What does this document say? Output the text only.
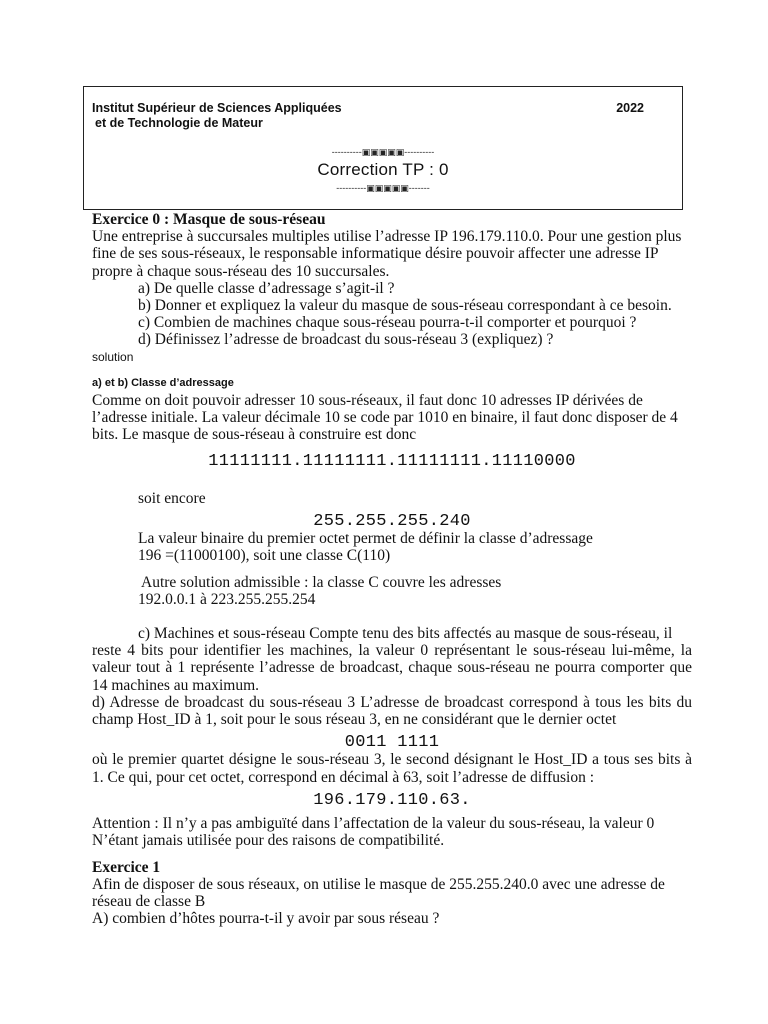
Institut Supérieur de Sciences Appliquées
et de Technologie de Mateur
2022
----------▣▣▣▣▣----------
Correction TP : 0
----------▣▣▣▣▣-------

Exercice 0 : Masque de sous-réseau

Une entreprise à succursales multiples utilise l’adresse IP 196.179.110.0. Pour une gestion plus fine de ses sous-réseaux, le responsable informatique désire pouvoir affecter une adresse IP propre à chaque sous-réseau des 10 succursales.

a) De quelle classe d’adressage s’agit-il ?

b) Donner et expliquez la valeur du masque de sous-réseau correspondant à ce besoin.

c) Combien de machines chaque sous-réseau pourra-t-il comporter et pourquoi ?

d) Définissez l’adresse de broadcast du sous-réseau 3 (expliquez) ?

solution

a) et b) Classe d’adressage

Comme on doit pouvoir adresser 10 sous-réseaux, il faut donc 10 adresses IP dérivées de l’adresse initiale. La valeur décimale 10 se code par 1010 en binaire, il faut donc disposer de 4 bits. Le masque de sous-réseau à construire est donc

11111111.11111111.11111111.11110000

soit encore

255.255.255.240

La valeur binaire du premier octet permet de définir la classe d’adressage

196 =(11000100), soit une classe C(110)

Autre solution admissible : la classe C couvre les adresses

192.0.0.1 à 223.255.255.254

c) Machines et sous-réseau Compte tenu des bits affectés au masque de sous-réseau, il

reste 4 bits pour identifier les machines, la valeur 0 représentant le sous-réseau lui-même, la valeur tout à 1 représente l’adresse de broadcast, chaque sous-réseau ne pourra comporter que 14 machines au maximum.

d) Adresse de broadcast du sous-réseau 3 L’adresse de broadcast correspond à tous les bits du champ Host_ID à 1, soit pour le sous réseau 3, en ne considérant que le dernier octet

0011 1111

où le premier quartet désigne le sous-réseau 3, le second désignant le Host_ID a tous ses bits à 1. Ce qui, pour cet octet, correspond en décimal à 63, soit l’adresse de diffusion :

196.179.110.63.

Attention : Il n’y a pas ambiguïté dans l’affectation de la valeur du sous-réseau, la valeur 0

N’étant jamais utilisée pour des raisons de compatibilité.

Exercice 1

Afin de disposer de sous réseaux, on utilise le masque de 255.255.240.0 avec une adresse de réseau de classe B

A) combien d’hôtes pourra-t-il y avoir par sous réseau ?
